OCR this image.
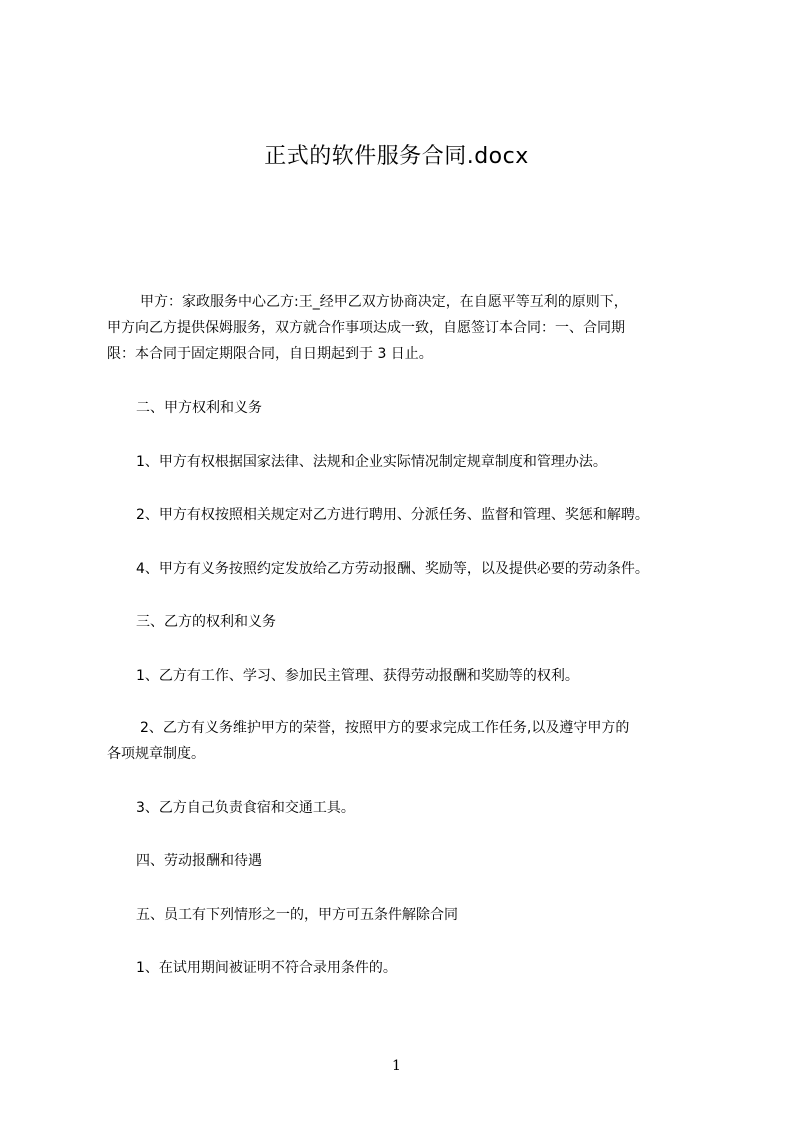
正式的软件服务合同.docx
甲方：家政服务中心乙方:王_经甲乙双方协商决定，在自愿平等互利的原则下，
甲方向乙方提供保姆服务，双方就合作事项达成一致，自愿签订本合同：一、合同期
限：本合同于固定期限合同，自日期起到于 3 日止。
二、甲方权利和义务
1、甲方有权根据国家法律、法规和企业实际情况制定规章制度和管理办法。
2、甲方有权按照相关规定对乙方进行聘用、分派任务、监督和管理、奖惩和解聘。
4、甲方有义务按照约定发放给乙方劳动报酬、奖励等，以及提供必要的劳动条件。
三、乙方的权利和义务
1、乙方有工作、学习、参加民主管理、获得劳动报酬和奖励等的权利。
2、乙方有义务维护甲方的荣誉，按照甲方的要求完成工作任务,以及遵守甲方的
各项规章制度。
3、乙方自己负责食宿和交通工具。
四、劳动报酬和待遇
五、员工有下列情形之一的，甲方可五条件解除合同
1、在试用期间被证明不符合录用条件的。
1
